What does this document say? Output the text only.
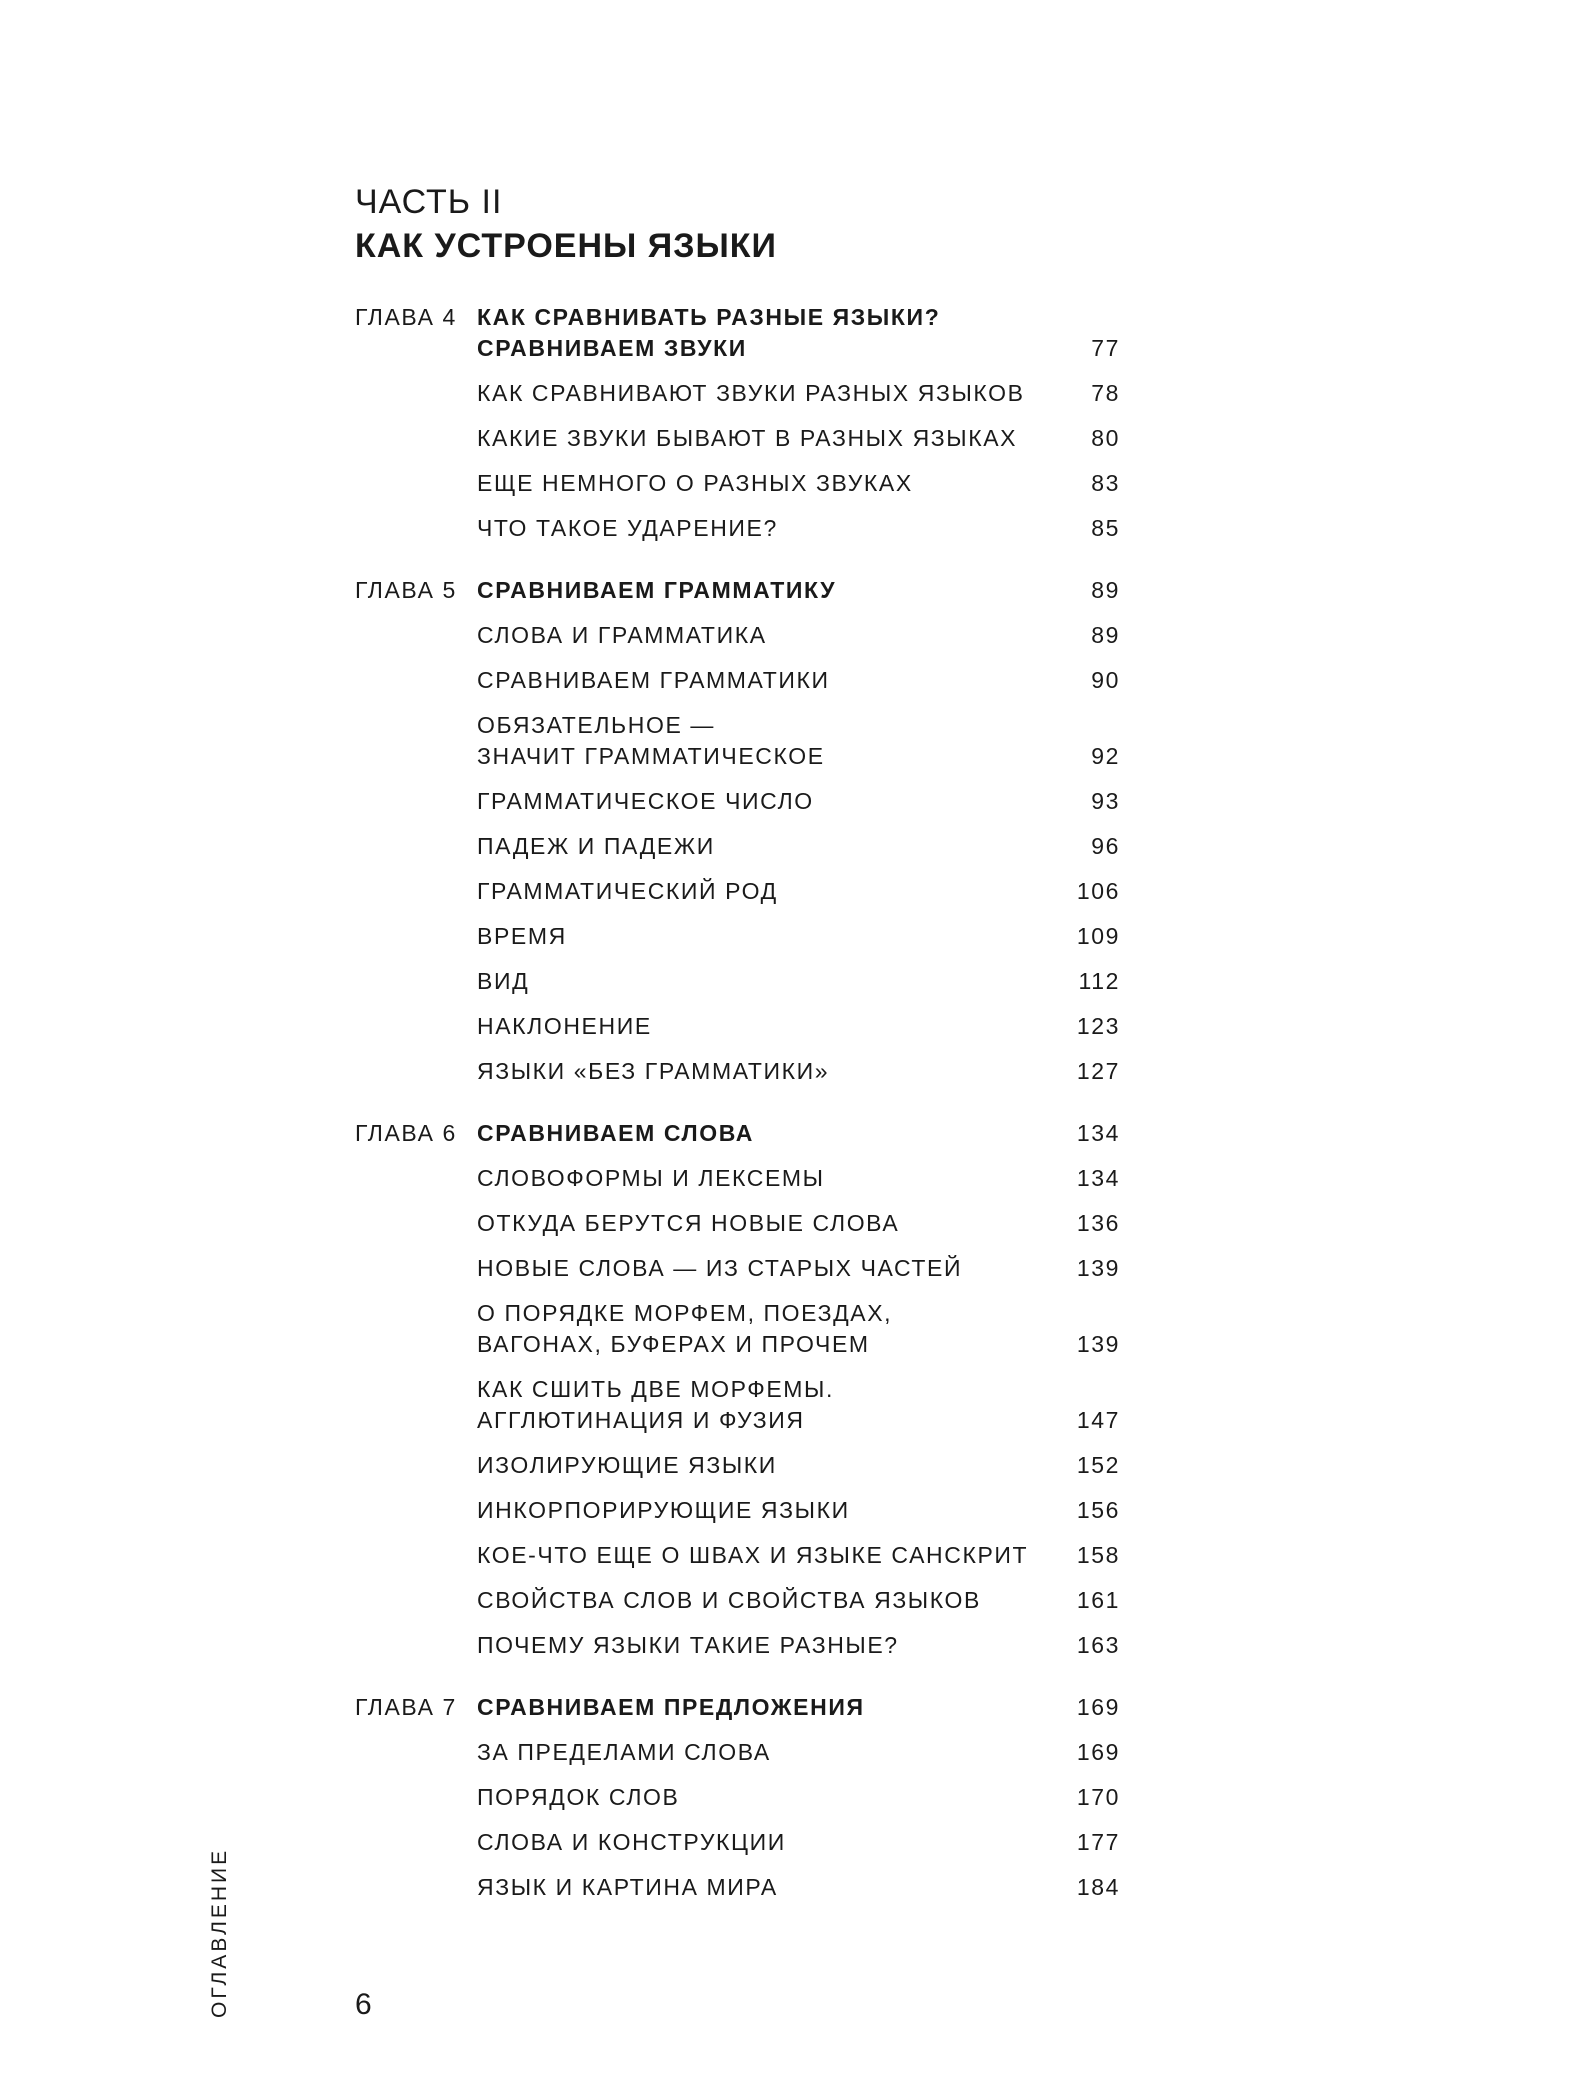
ЧАСТЬ II
КАК УСТРОЕНЫ ЯЗЫКИ
ГЛАВА 4 КАК СРАВНИВАТЬ РАЗНЫЕ ЯЗЫКИ?
СРАВНИВАЕМ ЗВУКИ	77
КАК СРАВНИВАЮТ ЗВУКИ РАЗНЫХ ЯЗЫКОВ	78
КАКИЕ ЗВУКИ БЫВАЮТ В РАЗНЫХ ЯЗЫКАХ	80
ЕЩЕ НЕМНОГО О РАЗНЫХ ЗВУКАХ	83
ЧТО ТАКОЕ УДАРЕНИЕ?	85
ГЛАВА 5 СРАВНИВАЕМ ГРАММАТИКУ	89
СЛОВА И ГРАММАТИКА	89
СРАВНИВАЕМ ГРАММАТИКИ	90
ОБЯЗАТЕЛЬНОЕ —
ЗНАЧИТ ГРАММАТИЧЕСКОЕ	92
ГРАММАТИЧЕСКОЕ ЧИСЛО	93
ПАДЕЖ И ПАДЕЖИ	96
ГРАММАТИЧЕСКИЙ РОД	106
ВРЕМЯ	109
ВИД	112
НАКЛОНЕНИЕ	123
ЯЗЫКИ «БЕЗ ГРАММАТИКИ»	127
ГЛАВА 6 СРАВНИВАЕМ СЛОВА	134
СЛОВОФОРМЫ И ЛЕКСЕМЫ	134
ОТКУДА БЕРУТСЯ НОВЫЕ СЛОВА	136
НОВЫЕ СЛОВА — ИЗ СТАРЫХ ЧАСТЕЙ	139
О ПОРЯДКЕ МОРФЕМ, ПОЕЗДАХ,
ВАГОНАХ, БУФЕРАХ И ПРОЧЕМ	139
КАК СШИТЬ ДВЕ МОРФЕМЫ.
АГГЛЮТИНАЦИЯ И ФУЗИЯ	147
ИЗОЛИРУЮЩИЕ ЯЗЫКИ	152
ИНКОРПОРИРУЮЩИЕ ЯЗЫКИ	156
КОЕ-ЧТО ЕЩЕ О ШВАХ И ЯЗЫКЕ САНСКРИТ	158
СВОЙСТВА СЛОВ И СВОЙСТВА ЯЗЫКОВ	161
ПОЧЕМУ ЯЗЫКИ ТАКИЕ РАЗНЫЕ?	163
ГЛАВА 7 СРАВНИВАЕМ ПРЕДЛОЖЕНИЯ	169
ЗА ПРЕДЕЛАМИ СЛОВА	169
ПОРЯДОК СЛОВ	170
СЛОВА И КОНСТРУКЦИИ	177
ЯЗЫК И КАРТИНА МИРА	184
ОГЛАВЛЕНИЕ	6
